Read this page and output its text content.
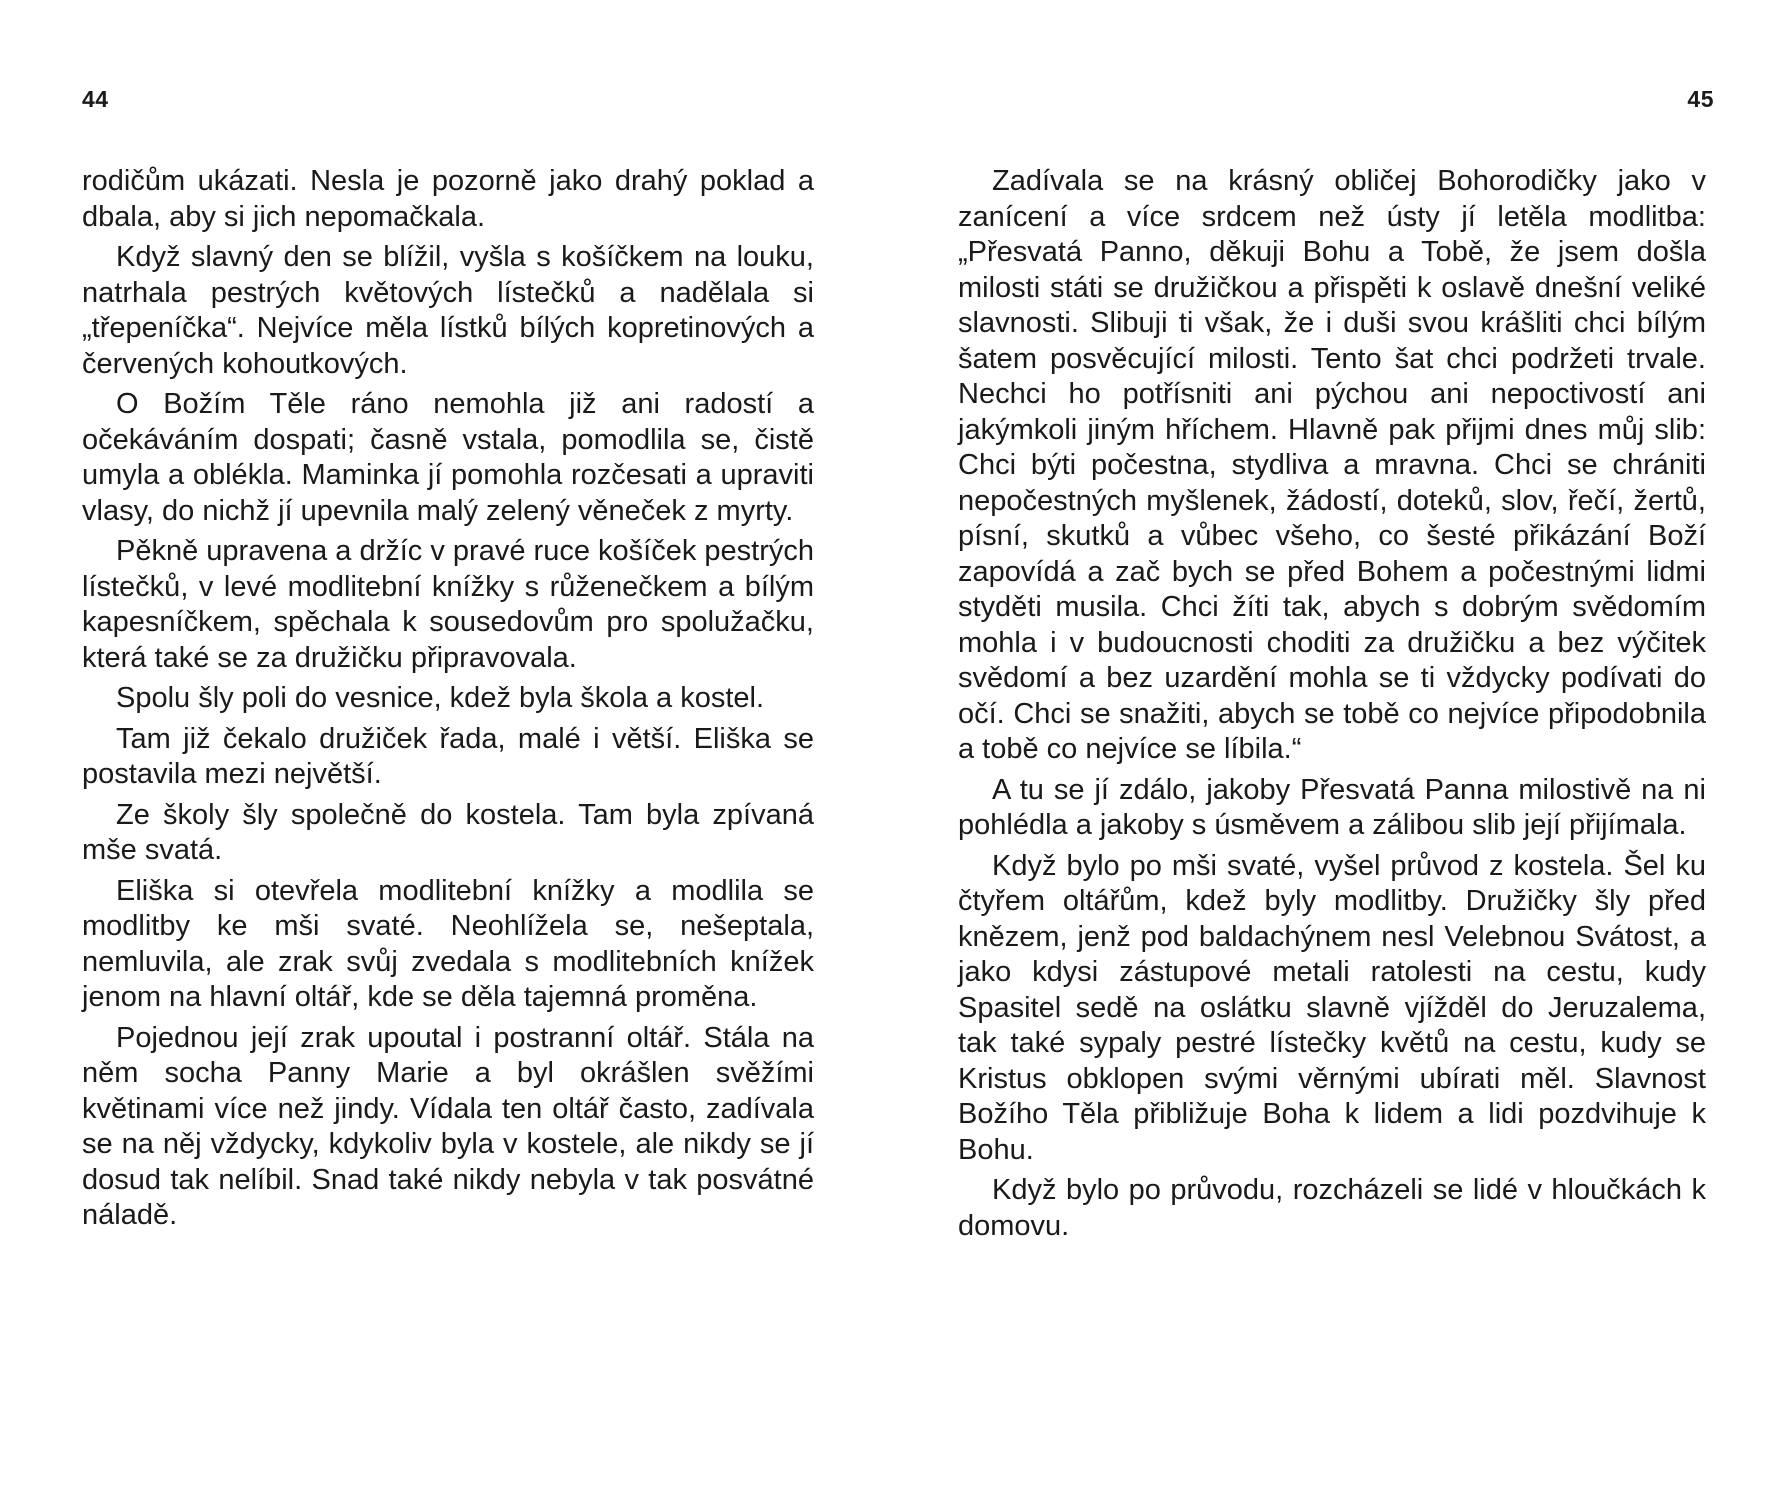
44

rodičům ukázati. Nesla je pozorně jako drahý poklad a dbala, aby si jich nepomačkala.

Když slavný den se blížil, vyšla s košíčkem na louku, natrhala pestrých květových lístečků a nadělala si „třepeníčka“. Nejvíce měla lístků bílých kopretinových a červených kohoutkových.

O Božím Těle ráno nemohla již ani radostí a očekáváním dospati; časně vstala, pomodlila se, čistě umyla a oblékla. Maminka jí pomohla rozčesati a upraviti vlasy, do nichž jí upevnila malý zelený věneček z myrty.

Pěkně upravena a držíc v pravé ruce košíček pestrých lístečků, v levé modlitební knížky s růženečkem a bílým kapesníčkem, spěchala k sousedovům pro spolužačku, která také se za družičku připravovala.

Spolu šly poli do vesnice, kdež byla škola a kostel.

Tam již čekalo družiček řada, malé i větší. Eliška se postavila mezi největší.

Ze školy šly společně do kostela. Tam byla zpívaná mše svatá.

Eliška si otevřela modlitební knížky a modlila se modlitby ke mši svaté. Neohlížela se, nešeptala, nemluvila, ale zrak svůj zvedala s modlitebních knížek jenom na hlavní oltář, kde se děla tajemná proměna.

Pojednou její zrak upoutal i postranní oltář. Stála na něm socha Panny Marie a byl okrášlen svěžími květinami více než jindy. Vídala ten oltář často, zadívala se na něj vždycky, kdykoliv byla v kostele, ale nikdy se jí dosud tak nelíbil. Snad také nikdy nebyla v tak posvátné náladě.

45

Zadívala se na krásný obličej Bohorodičky jako v zanícení a více srdcem než ústy jí letěla modlitba: „Přesvatá Panno, děkuji Bohu a Tobě, že jsem došla milosti státi se družičkou a přispěti k oslavě dnešní veliké slavnosti. Slibuji ti však, že i duši svou krášliti chci bílým šatem posvěcující milosti. Tento šat chci podržeti trvale. Nechci ho potřísniti ani pýchou ani nepoctivostí ani jakýmkoli jiným hříchem. Hlavně pak přijmi dnes můj slib: Chci býti počestna, stydliva a mravna. Chci se chrániti nepočestných myšlenek, žádostí, doteků, slov, řečí, žertů, písní, skutků a vůbec všeho, co šesté přikázání Boží zapovídá a zač bych se před Bohem a počestnými lidmi styděti musila. Chci žíti tak, abych s dobrým svědomím mohla i v budoucnosti choditi za družičku a bez výčitek svědomí a bez uzardění mohla se ti vždycky podívati do očí. Chci se snažiti, abych se tobě co nejvíce připodobnila a tobě co nejvíce se líbila.“

A tu se jí zdálo, jakoby Přesvatá Panna milostivě na ni pohlédla a jakoby s úsměvem a zálibou slib její přijímala.

Když bylo po mši svaté, vyšel průvod z kostela. Šel ku čtyřem oltářům, kdež byly modlitby. Družičky šly před knězem, jenž pod baldachýnem nesl Velebnou Svátost, a jako kdysi zástupové metali ratolesti na cestu, kudy Spasitel sedě na oslátku slavně vjížděl do Jeruzalema, tak také sypaly pestré lístečky květů na cestu, kudy se Kristus obklopen svými věrnými ubírati měl. Slavnost Božího Těla přibližuje Boha k lidem a lidi pozdvihuje k Bohu.

Když bylo po průvodu, rozcházeli se lidé v hloučkách k domovu.
